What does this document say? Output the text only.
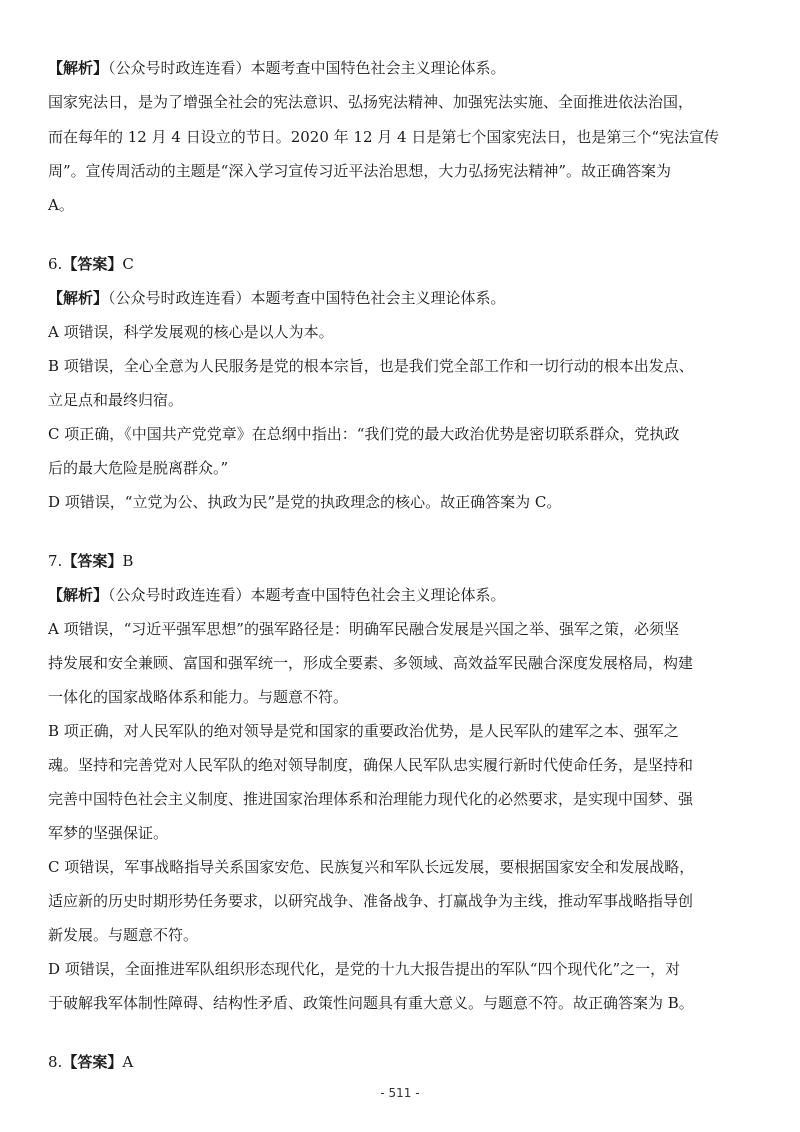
【解析】（公众号时政连连看）本题考查中国特色社会主义理论体系。
国家宪法日，是为了增强全社会的宪法意识、弘扬宪法精神、加强宪法实施、全面推进依法治国，
而在每年的 12 月 4 日设立的节日。2020 年 12 月 4 日是第七个国家宪法日，也是第三个“宪法宣传
周”。宣传周活动的主题是“深入学习宣传习近平法治思想，大力弘扬宪法精神”。故正确答案为
A。
6.【答案】C
【解析】（公众号时政连连看）本题考查中国特色社会主义理论体系。
A 项错误，科学发展观的核心是以人为本。
B 项错误，全心全意为人民服务是党的根本宗旨，也是我们党全部工作和一切行动的根本出发点、
立足点和最终归宿。
C 项正确，《中国共产党党章》在总纲中指出：“我们党的最大政治优势是密切联系群众，党执政
后的最大危险是脱离群众。”
D 项错误，“立党为公、执政为民”是党的执政理念的核心。故正确答案为 C。
7.【答案】B
【解析】（公众号时政连连看）本题考查中国特色社会主义理论体系。
A 项错误，“习近平强军思想”的强军路径是：明确军民融合发展是兴国之举、强军之策，必须坚
持发展和安全兼顾、富国和强军统一，形成全要素、多领域、高效益军民融合深度发展格局，构建
一体化的国家战略体系和能力。与题意不符。
B 项正确，对人民军队的绝对领导是党和国家的重要政治优势，是人民军队的建军之本、强军之
魂。坚持和完善党对人民军队的绝对领导制度，确保人民军队忠实履行新时代使命任务，是坚持和
完善中国特色社会主义制度、推进国家治理体系和治理能力现代化的必然要求，是实现中国梦、强
军梦的坚强保证。
C 项错误，军事战略指导关系国家安危、民族复兴和军队长远发展，要根据国家安全和发展战略，
适应新的历史时期形势任务要求，以研究战争、准备战争、打赢战争为主线，推动军事战略指导创
新发展。与题意不符。
D 项错误，全面推进军队组织形态现代化，是党的十九大报告提出的军队“四个现代化”之一，对
于破解我军体制性障碍、结构性矛盾、政策性问题具有重大意义。与题意不符。故正确答案为 B。
8.【答案】A
- 511 -
